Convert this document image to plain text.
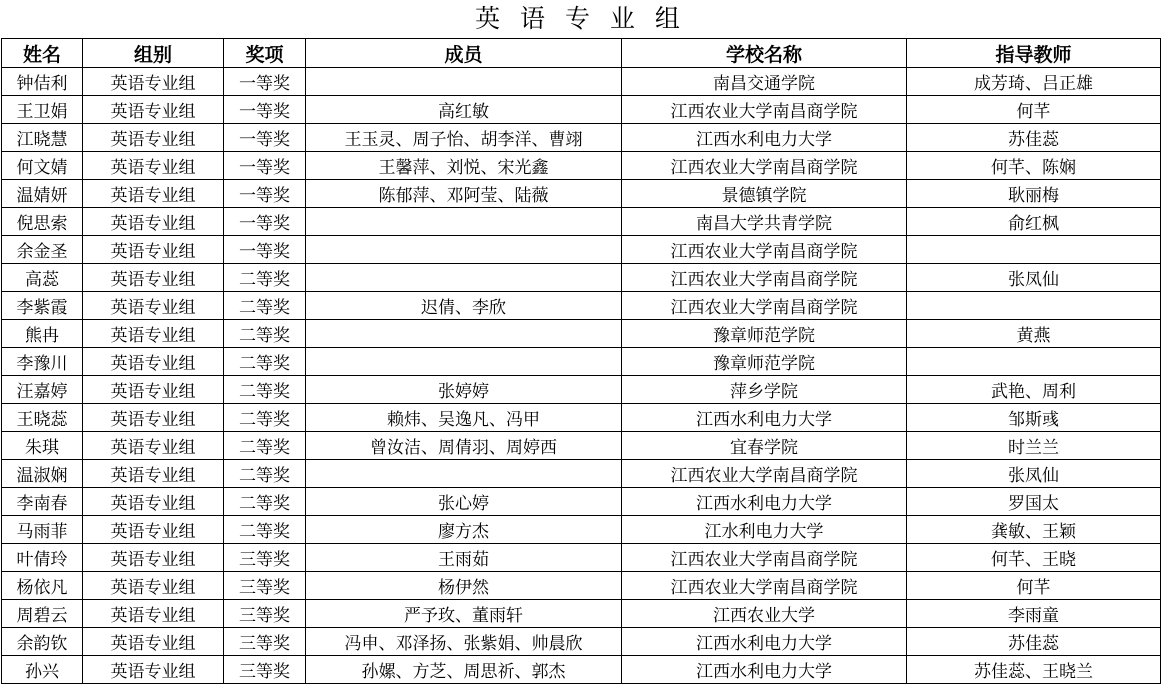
英 语 专 业 组
姓名	组别	奖项	成员	学校名称	指导教师
钟佶利	英语专业组	一等奖		南昌交通学院	成芳琦、吕正雄
王卫娟	英语专业组	一等奖	高红敏	江西农业大学南昌商学院	何芊
江晓慧	英语专业组	一等奖	王玉灵、周子怡、胡李洋、曹翊	江西水利电力大学	苏佳蕊
何文婧	英语专业组	一等奖	王馨萍、刘悦、宋光鑫	江西农业大学南昌商学院	何芊、陈娴
温婧妍	英语专业组	一等奖	陈郁萍、邓阿莹、陆薇	景德镇学院	耿丽梅
倪思索	英语专业组	一等奖		南昌大学共青学院	俞红枫
余金圣	英语专业组	一等奖		江西农业大学南昌商学院	
高蕊	英语专业组	二等奖		江西农业大学南昌商学院	张凤仙
李紫霞	英语专业组	二等奖	迟倩、李欣	江西农业大学南昌商学院	
熊冉	英语专业组	二等奖		豫章师范学院	黄燕
李豫川	英语专业组	二等奖		豫章师范学院	
汪嘉婷	英语专业组	二等奖	张婷婷	萍乡学院	武艳、周利
王晓蕊	英语专业组	二等奖	赖炜、吴逸凡、冯甲	江西水利电力大学	邹斯彧
朱琪	英语专业组	二等奖	曾汝洁、周倩羽、周婷西	宜春学院	时兰兰
温淑娴	英语专业组	二等奖		江西农业大学南昌商学院	张凤仙
李南春	英语专业组	二等奖	张心婷	江西水利电力大学	罗国太
马雨菲	英语专业组	二等奖	廖方杰	江水利电力大学	龚敏、王颖
叶倩玲	英语专业组	三等奖	王雨茹	江西农业大学南昌商学院	何芊、王晓
杨依凡	英语专业组	三等奖	杨伊然	江西农业大学南昌商学院	何芊
周碧云	英语专业组	三等奖	严予玫、董雨轩	江西农业大学	李雨童
余韵钦	英语专业组	三等奖	冯申、邓泽扬、张紫娟、帅晨欣	江西水利电力大学	苏佳蕊
孙兴	英语专业组	三等奖	孙嫘、方芝、周思祈、郭杰	江西水利电力大学	苏佳蕊、王晓兰
